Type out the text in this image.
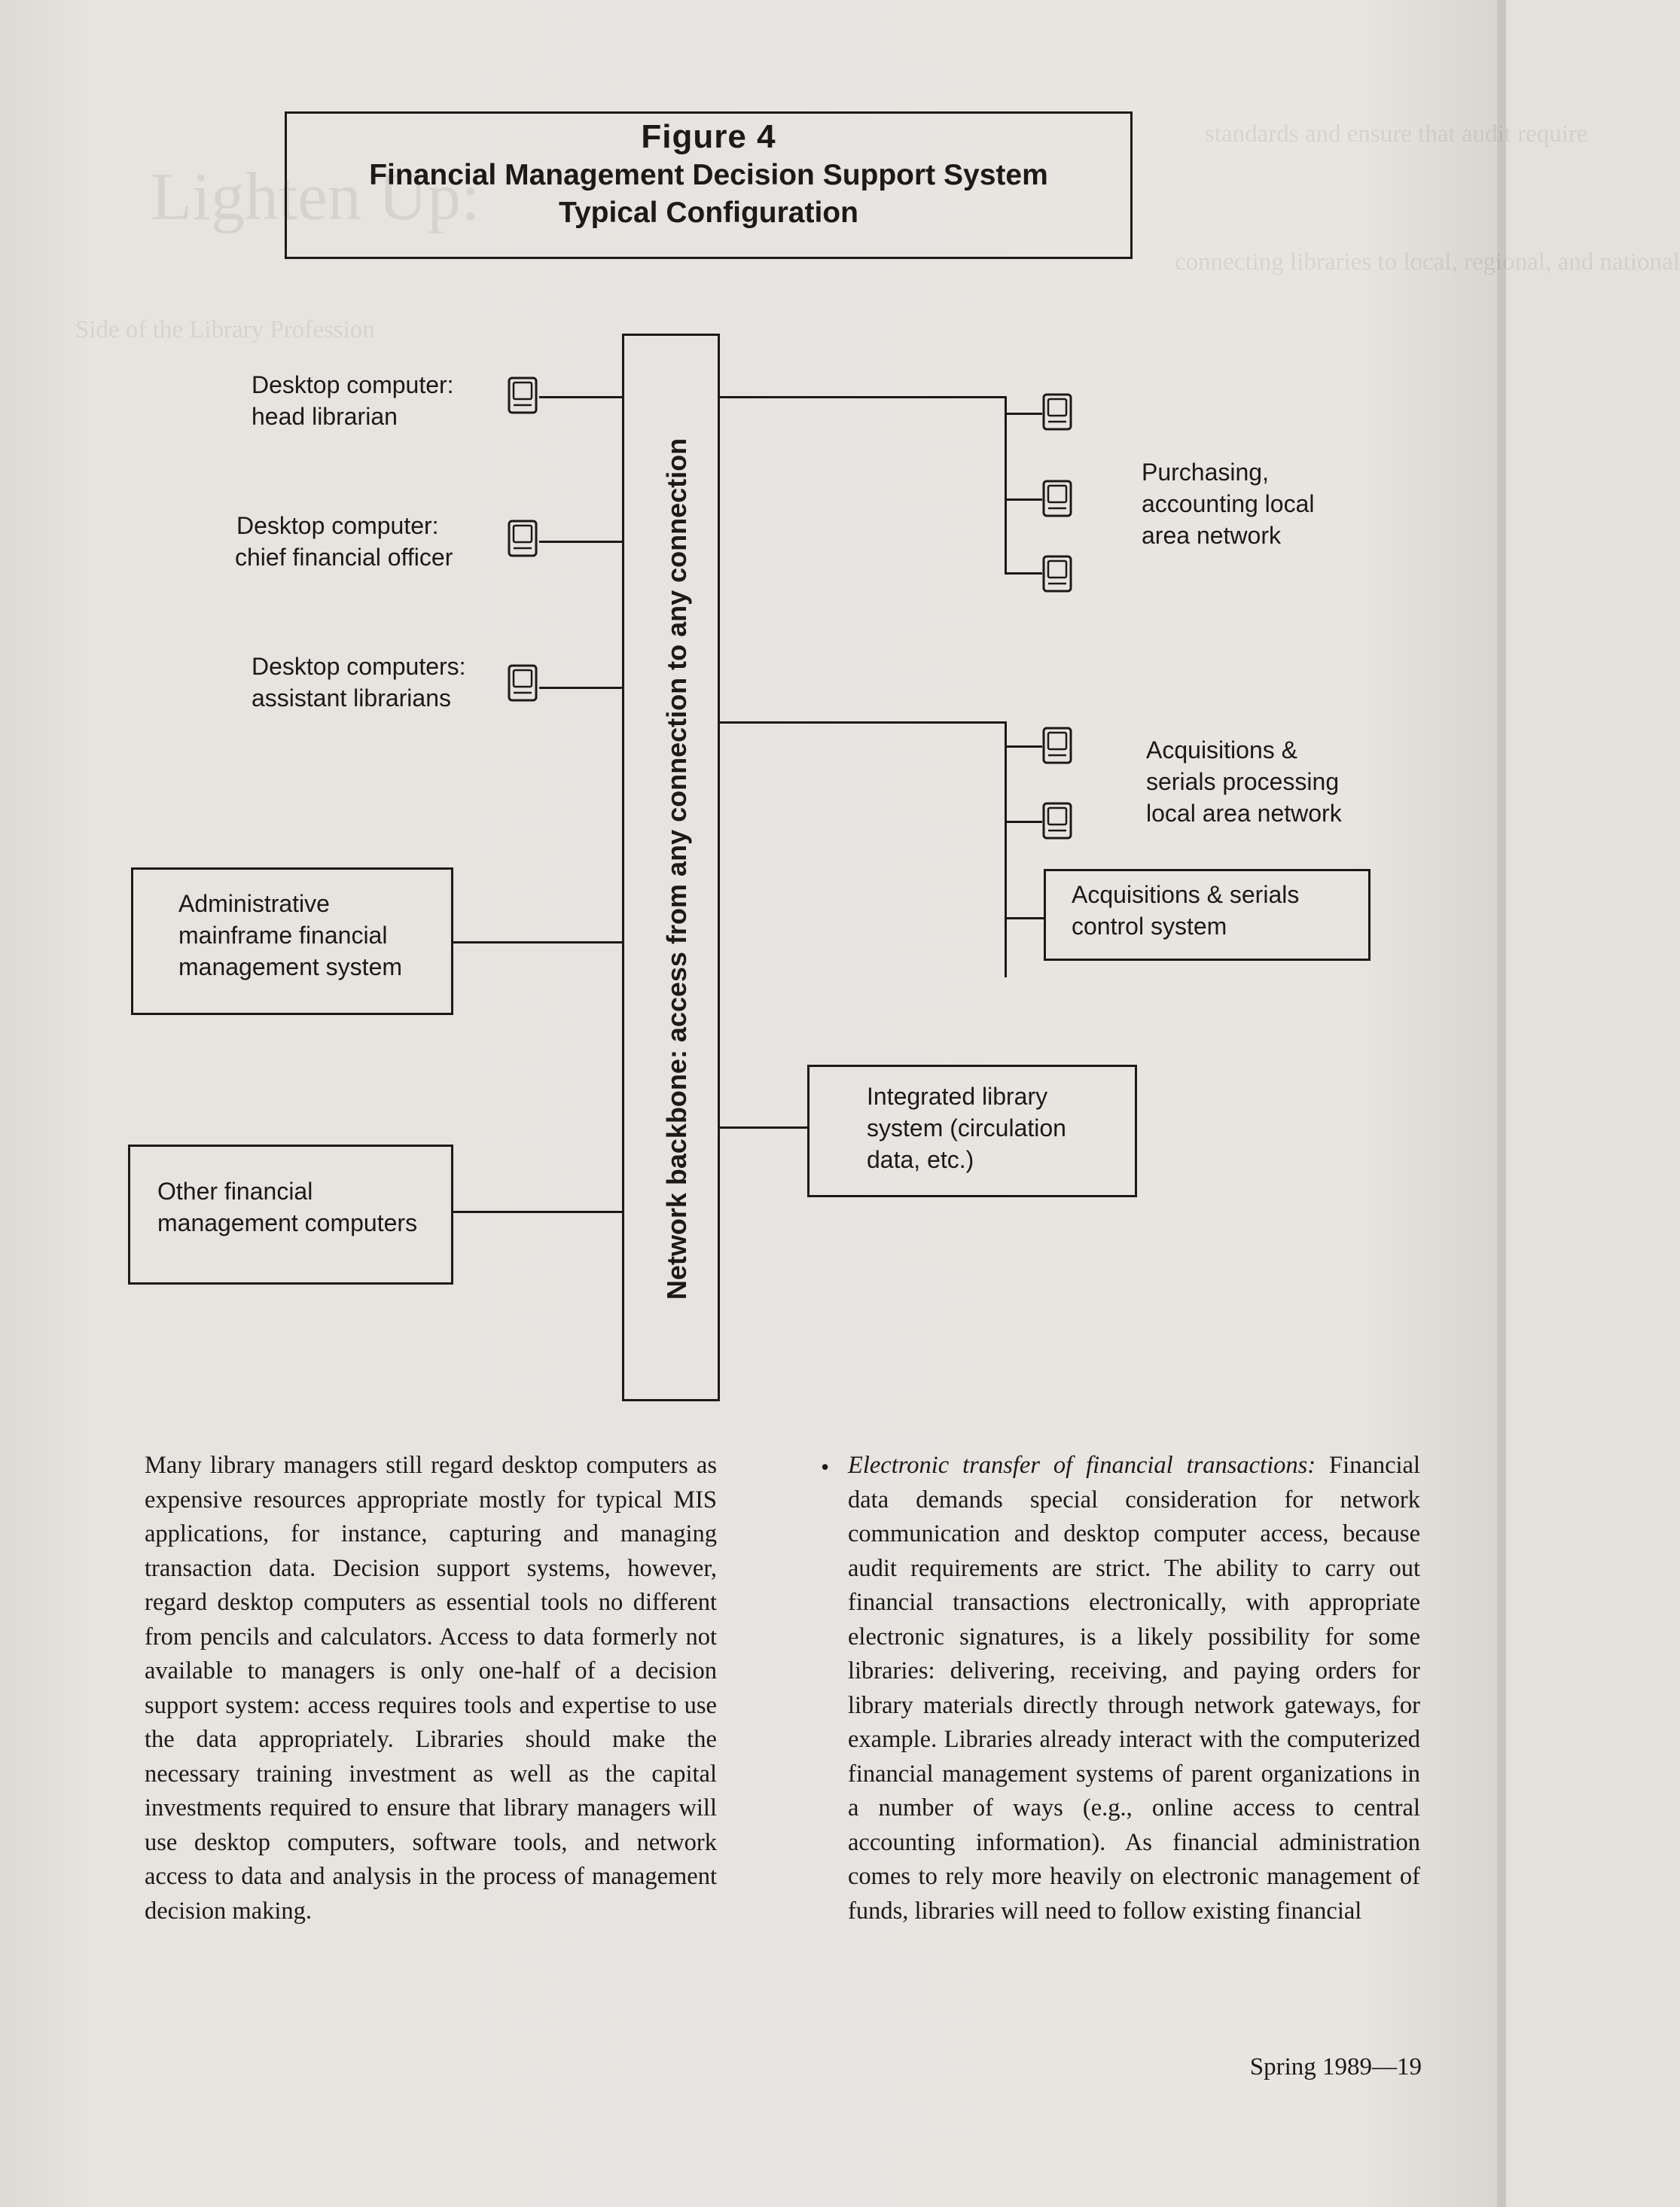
standards and ensure that audit require
Lighten Up:
connecting libraries to local, regional, and national
Side of the Library Profession
Figure 4
Financial Management Decision Support System
Typical Configuration
Network backbone: access from any connection to any connection
Desktop computer:
head librarian
Desktop computer:
chief financial officer
Desktop computers:
assistant librarians
Administrative
mainframe financial
management system
Other financial
management computers
Purchasing,
accounting local
area network
Acquisitions &
serials processing
local area network
Acquisitions & serials
control system
Integrated library
system (circulation
data, etc.)

Many library managers still regard desktop computers as expensive resources appropriate mostly for typical MIS applications, for instance, capturing and managing transaction data. Decision support systems, however, regard desktop computers as essential tools no different from pencils and calculators. Access to data formerly not available to managers is only one-half of a decision support system: access requires tools and expertise to use the data appropriately. Libraries should make the necessary training investment as well as the capital investments required to ensure that library managers will use desktop computers, software tools, and network access to data and analysis in the process of management decision making.

• Electronic transfer of financial transactions: Financial data demands special consideration for network communication and desktop computer access, because audit requirements are strict. The ability to carry out financial transactions electronically, with appropriate electronic signatures, is a likely possibility for some libraries: delivering, receiving, and paying orders for library materials directly through network gateways, for example. Libraries already interact with the computerized financial management systems of parent organizations in a number of ways (e.g., online access to central accounting information). As financial administration comes to rely more heavily on electronic management of funds, libraries will need to follow existing financial

Spring 1989—19
